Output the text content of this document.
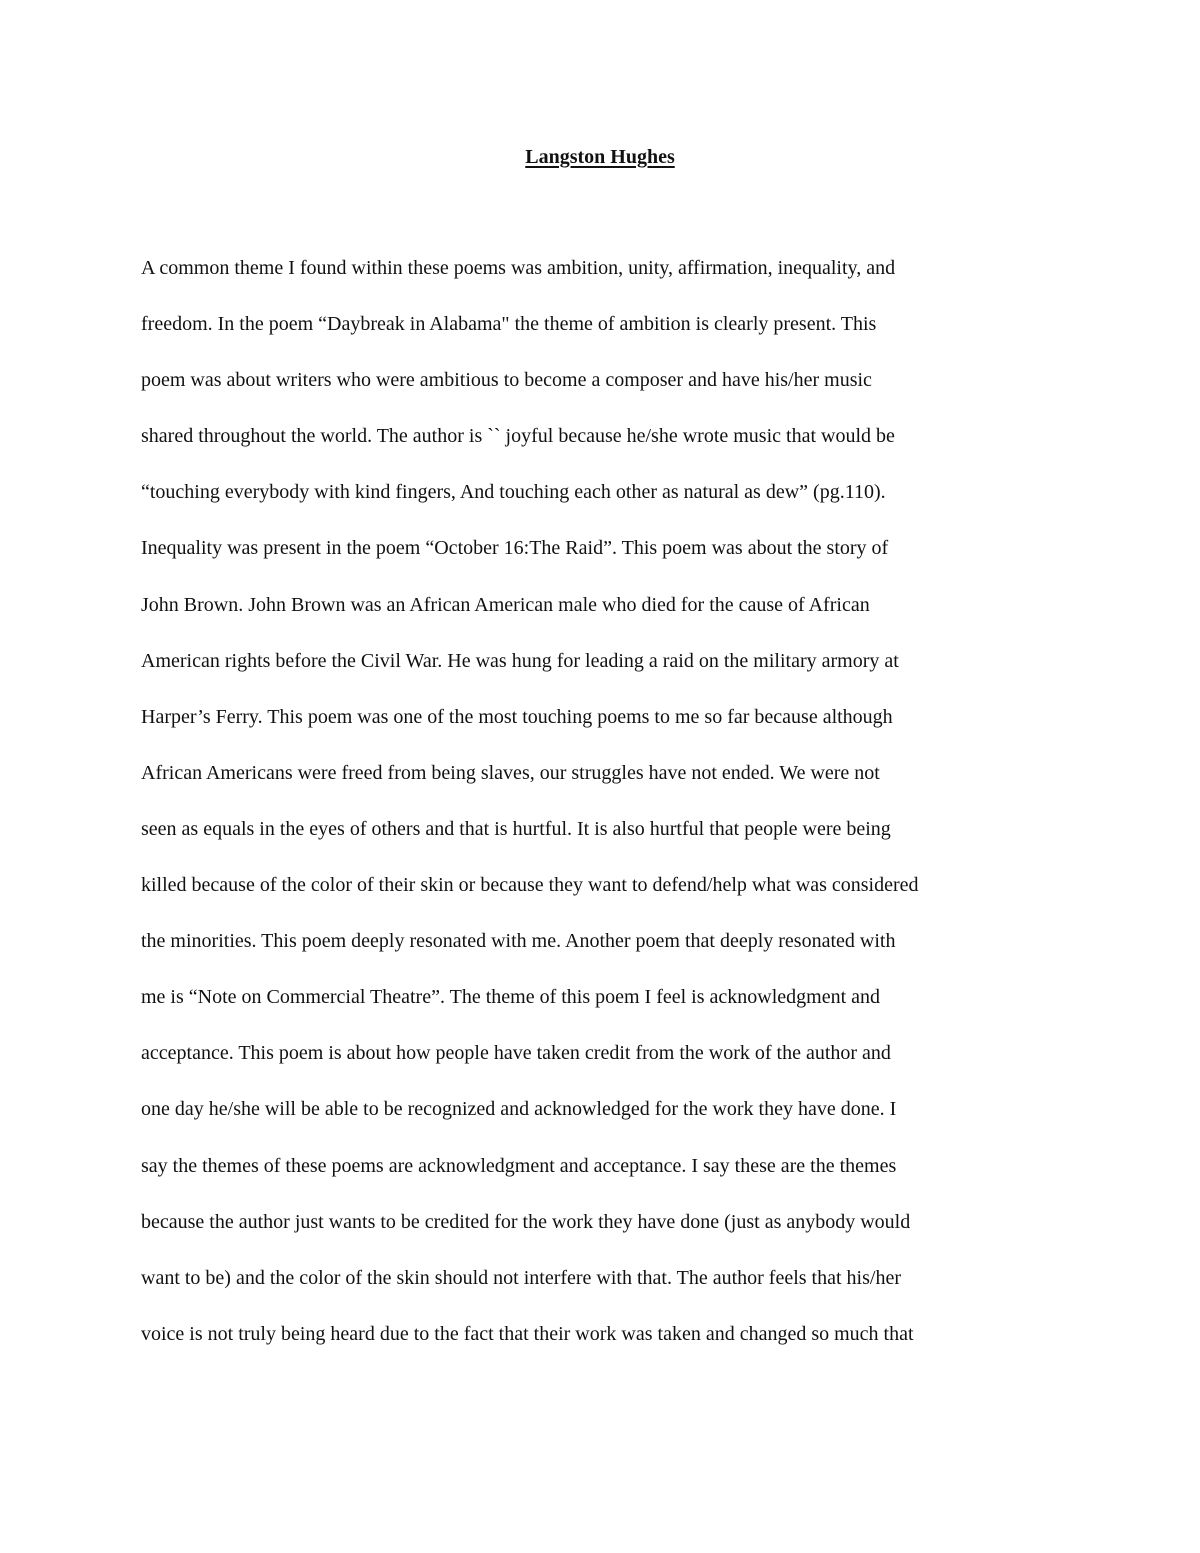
Langston Hughes
A common theme I found within these poems was ambition, unity, affirmation, inequality, and
freedom. In the poem “Daybreak in Alabama" the theme of ambition is clearly present. This
poem was about writers who were ambitious to become a composer and have his/her music
shared throughout the world. The author is `` joyful because he/she wrote music that would be
“touching everybody with kind fingers, And touching each other as natural as dew” (pg.110).
Inequality was present in the poem “October 16:The Raid”. This poem was about the story of
John Brown. John Brown was an African American male who died for the cause of African
American rights before the Civil War. He was hung for leading a raid on the military armory at
Harper’s Ferry. This poem was one of the most touching poems to me so far because although
African Americans were freed from being slaves, our struggles have not ended. We were not
seen as equals in the eyes of others and that is hurtful. It is also hurtful that people were being
killed because of the color of their skin or because they want to defend/help what was considered
the minorities. This poem deeply resonated with me. Another poem that deeply resonated with
me is “Note on Commercial Theatre”. The theme of this poem I feel is acknowledgment and
acceptance. This poem is about how people have taken credit from the work of the author and
one day he/she will be able to be recognized and acknowledged for the work they have done. I
say the themes of these poems are acknowledgment and acceptance. I say these are the themes
because the author just wants to be credited for the work they have done (just as anybody would
want to be) and the color of the skin should not interfere with that. The author feels that his/her
voice is not truly being heard due to the fact that their work was taken and changed so much that
